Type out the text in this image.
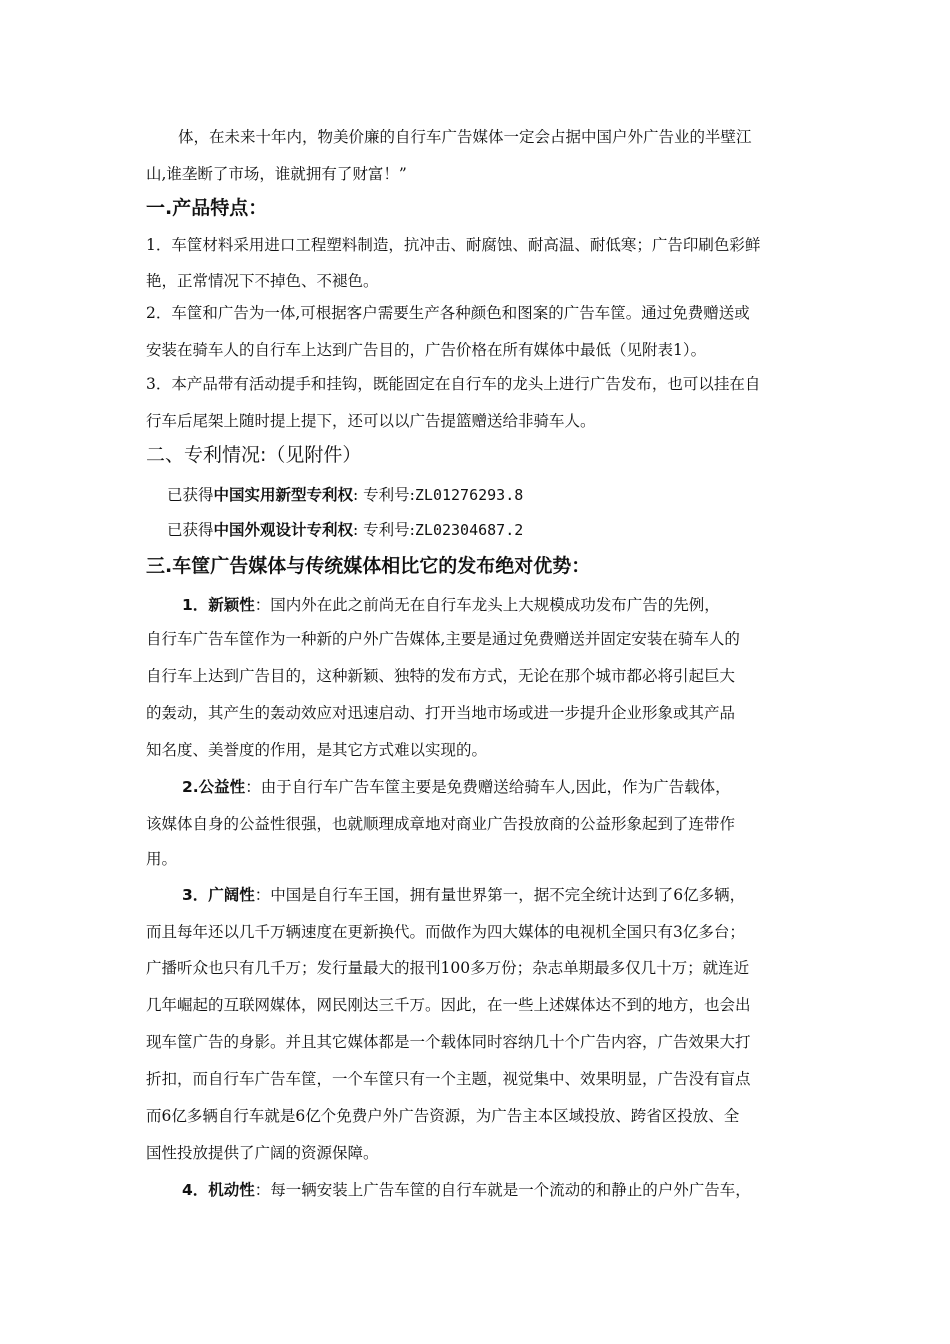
体，在未来十年内，物美价廉的自行车广告媒体一定会占据中国户外广告业的半壁江

山,谁垄断了市场，谁就拥有了财富！”

一.产品特点：

1．车筐材料采用进口工程塑料制造，抗冲击、耐腐蚀、耐高温、耐低寒；广告印刷色彩鲜

艳，正常情况下不掉色、不褪色。

2．车筐和广告为一体,可根据客户需要生产各种颜色和图案的广告车筐。通过免费赠送或

安装在骑车人的自行车上达到广告目的，广告价格在所有媒体中最低（见附表1）。

3．本产品带有活动提手和挂钩，既能固定在自行车的龙头上进行广告发布，也可以挂在自

行车后尾架上随时提上提下，还可以以广告提篮赠送给非骑车人。

二、专利情况:（见附件）

已获得中国实用新型专利权: 专利号:ZL01276293.8

已获得中国外观设计专利权: 专利号:ZL02304687.2

三.车筐广告媒体与传统媒体相比它的发布绝对优势：

1．新颖性：国内外在此之前尚无在自行车龙头上大规模成功发布广告的先例，

自行车广告车筐作为一种新的户外广告媒体,主要是通过免费赠送并固定安装在骑车人的

自行车上达到广告目的，这种新颖、独特的发布方式，无论在那个城市都必将引起巨大

的轰动，其产生的轰动效应对迅速启动、打开当地市场或进一步提升企业形象或其产品

知名度、美誉度的作用，是其它方式难以实现的。

2.公益性：由于自行车广告车筐主要是免费赠送给骑车人,因此，作为广告载体，

该媒体自身的公益性很强，也就顺理成章地对商业广告投放商的公益形象起到了连带作

用。

3．广阔性：中国是自行车王国，拥有量世界第一，据不完全统计达到了6亿多辆，

而且每年还以几千万辆速度在更新换代。而做作为四大媒体的电视机全国只有3亿多台；

广播听众也只有几千万；发行量最大的报刊100多万份；杂志单期最多仅几十万；就连近

几年崛起的互联网媒体，网民刚达三千万。因此，在一些上述媒体达不到的地方，也会出

现车筐广告的身影。并且其它媒体都是一个载体同时容纳几十个广告内容，广告效果大打

折扣，而自行车广告车筐，一个车筐只有一个主题，视觉集中、效果明显，广告没有盲点

而6亿多辆自行车就是6亿个免费户外广告资源，为广告主本区域投放、跨省区投放、全

国性投放提供了广阔的资源保障。

4．机动性：每一辆安装上广告车筐的自行车就是一个流动的和静止的户外广告车，
